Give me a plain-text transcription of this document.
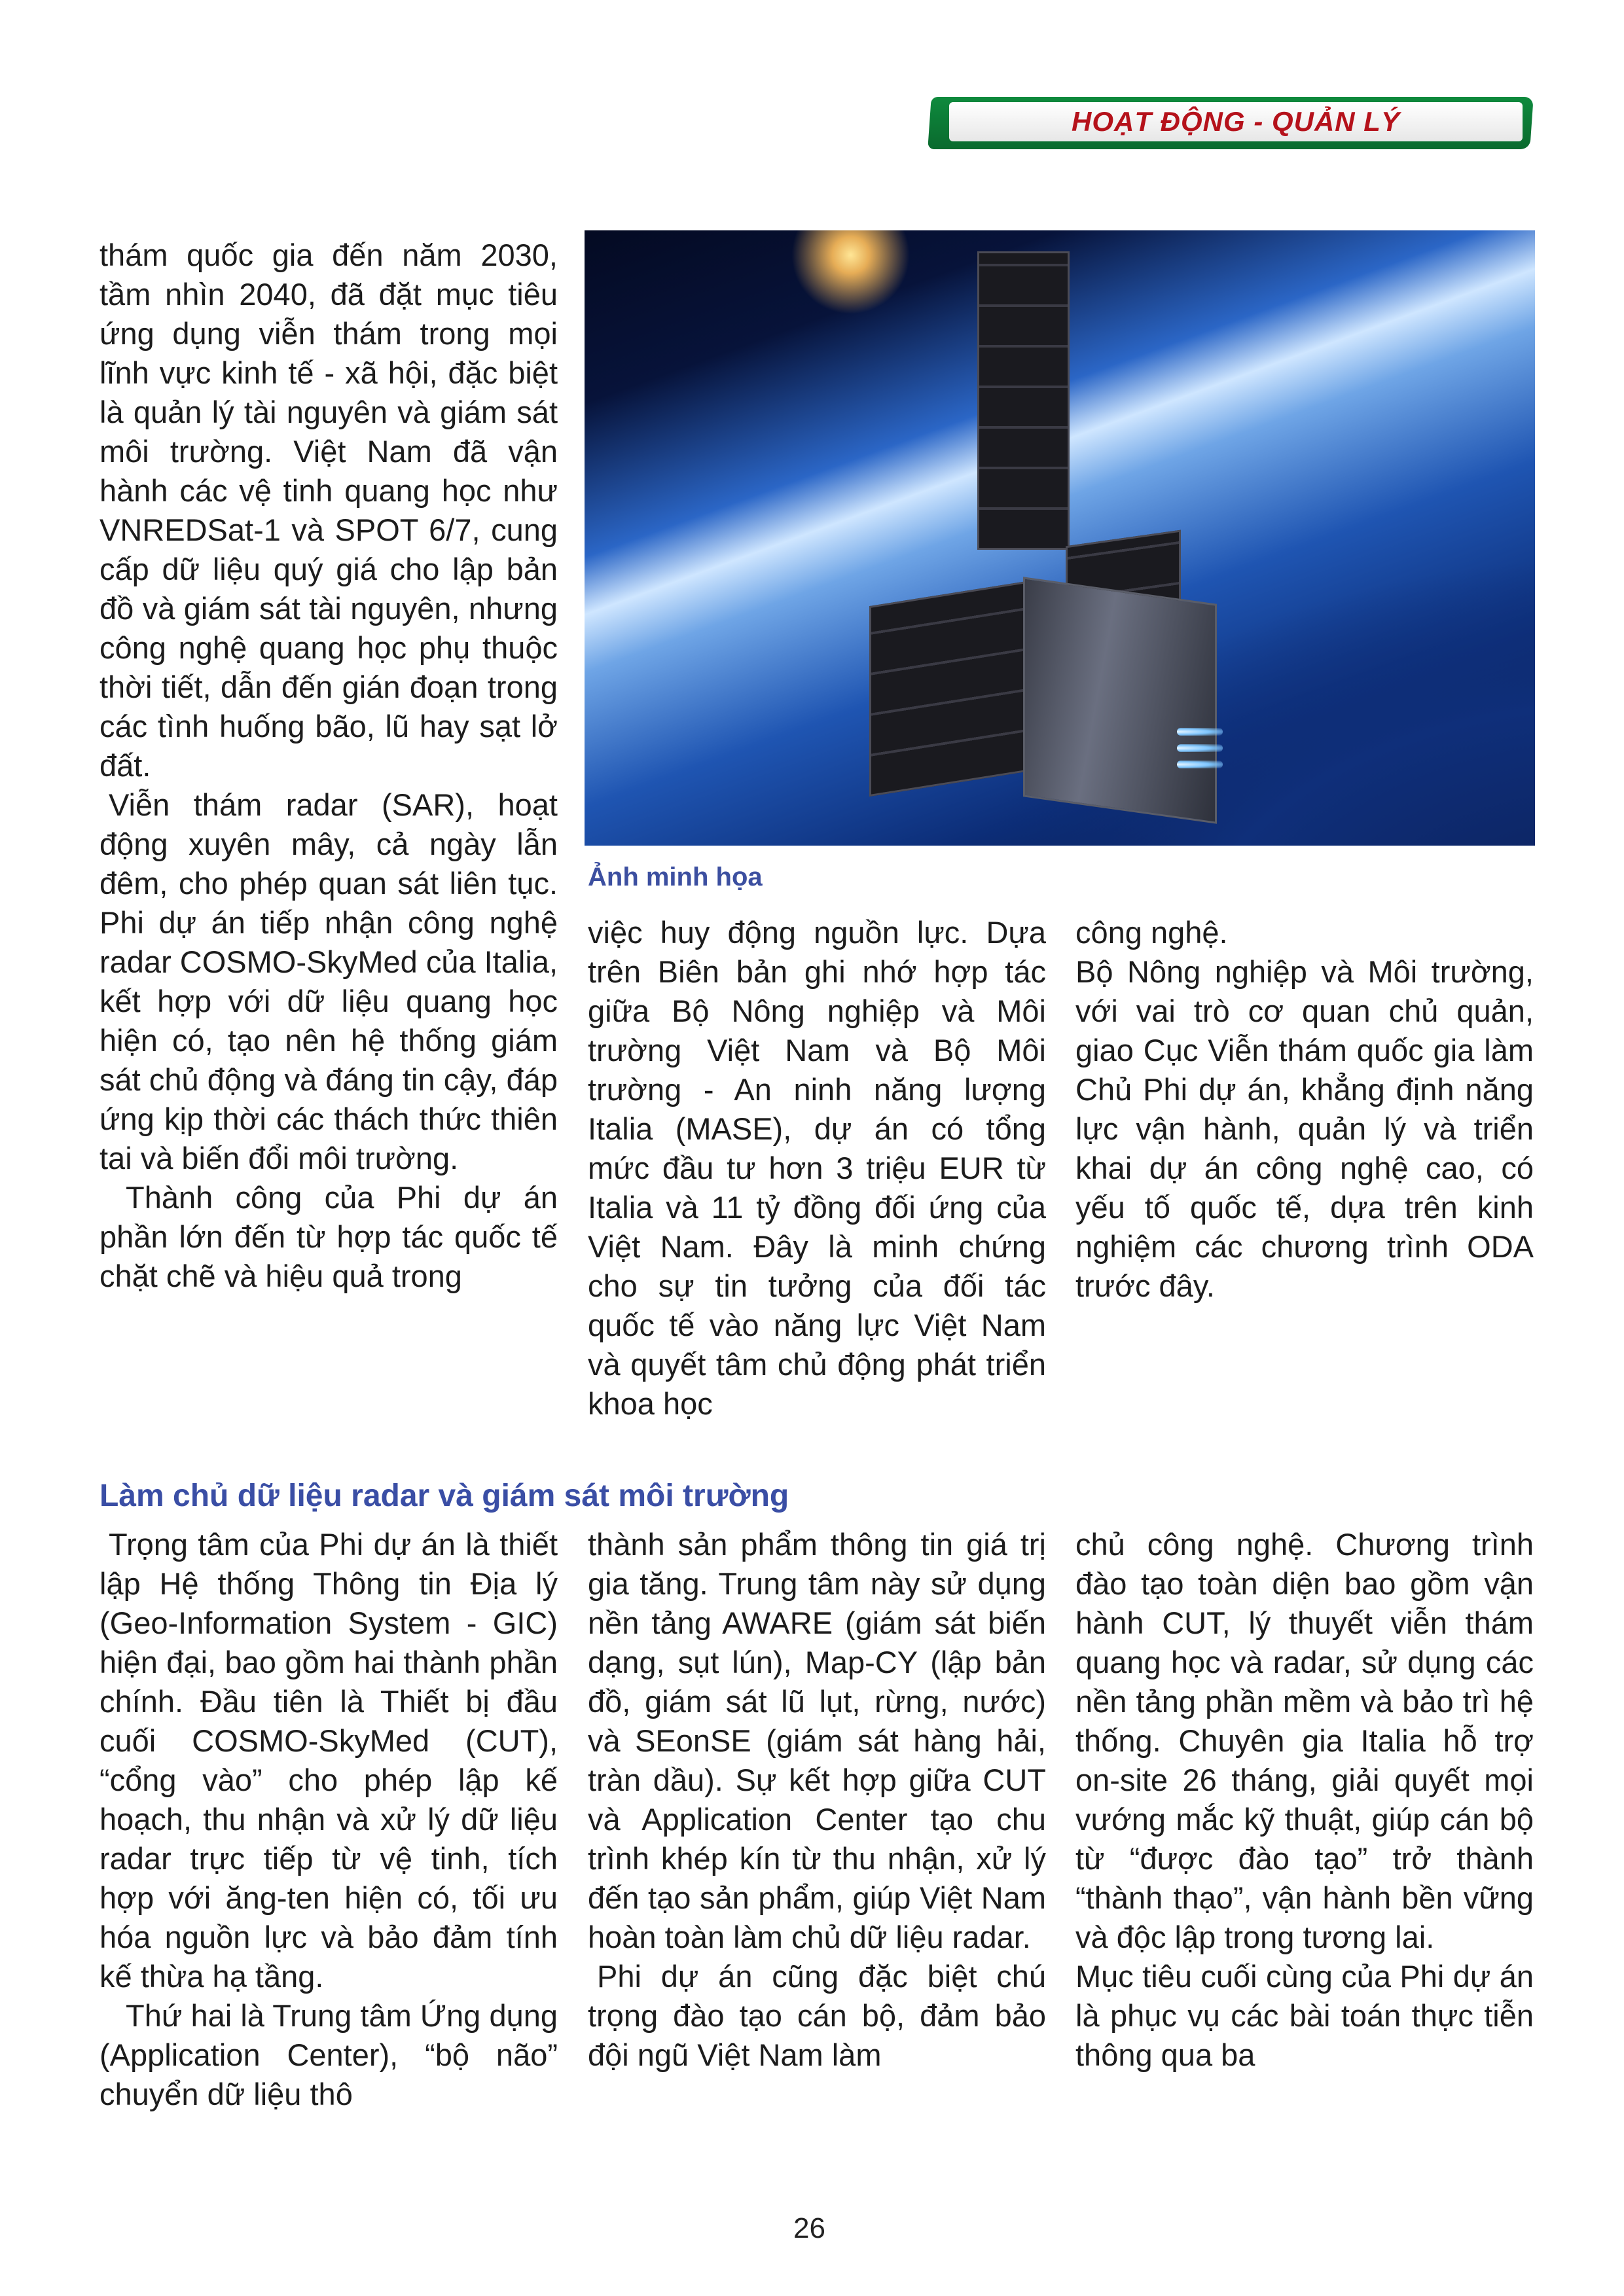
HOẠT ĐỘNG - QUẢN LÝ

thám quốc gia đến năm 2030, tầm nhìn 2040, đã đặt mục tiêu ứng dụng viễn thám trong mọi lĩnh vực kinh tế - xã hội, đặc biệt là quản lý tài nguyên và giám sát môi trường. Việt Nam đã vận hành các vệ tinh quang học như VNREDSat-1 và SPOT 6/7, cung cấp dữ liệu quý giá cho lập bản đồ và giám sát tài nguyên, nhưng công nghệ quang học phụ thuộc thời tiết, dẫn đến gián đoạn trong các tình huống bão, lũ hay sạt lở đất.

Viễn thám radar (SAR), hoạt động xuyên mây, cả ngày lẫn đêm, cho phép quan sát liên tục. Phi dự án tiếp nhận công nghệ radar COSMO-SkyMed của Italia, kết hợp với dữ liệu quang học hiện có, tạo nên hệ thống giám sát chủ động và đáng tin cậy, đáp ứng kịp thời các thách thức thiên tai và biến đổi môi trường.

Thành công của Phi dự án phần lớn đến từ hợp tác quốc tế chặt chẽ và hiệu quả trong

Ảnh minh họa

việc huy động nguồn lực. Dựa trên Biên bản ghi nhớ hợp tác giữa Bộ Nông nghiệp và Môi trường Việt Nam và Bộ Môi trường - An ninh năng lượng Italia (MASE), dự án có tổng mức đầu tư hơn 3 triệu EUR từ Italia và 11 tỷ đồng đối ứng của Việt Nam. Đây là minh chứng cho sự tin tưởng của đối tác quốc tế vào năng lực Việt Nam và quyết tâm chủ động phát triển khoa học

công nghệ.

Bộ Nông nghiệp và Môi trường, với vai trò cơ quan chủ quản, giao Cục Viễn thám quốc gia làm Chủ Phi dự án, khẳng định năng lực vận hành, quản lý và triển khai dự án công nghệ cao, có yếu tố quốc tế, dựa trên kinh nghiệm các chương trình ODA trước đây.

Làm chủ dữ liệu radar và giám sát môi trường

Trọng tâm của Phi dự án là thiết lập Hệ thống Thông tin Địa lý (Geo-Information System - GIC) hiện đại, bao gồm hai thành phần chính. Đầu tiên là Thiết bị đầu cuối COSMO-SkyMed (CUT), “cổng vào” cho phép lập kế hoạch, thu nhận và xử lý dữ liệu radar trực tiếp từ vệ tinh, tích hợp với ăng-ten hiện có, tối ưu hóa nguồn lực và bảo đảm tính kế thừa hạ tầng.

Thứ hai là Trung tâm Ứng dụng (Application Center), “bộ não” chuyển dữ liệu thô

thành sản phẩm thông tin giá trị gia tăng. Trung tâm này sử dụng nền tảng AWARE (giám sát biến dạng, sụt lún), Map-CY (lập bản đồ, giám sát lũ lụt, rừng, nước) và SEonSE (giám sát hàng hải, tràn dầu). Sự kết hợp giữa CUT và Application Center tạo chu trình khép kín từ thu nhận, xử lý đến tạo sản phẩm, giúp Việt Nam hoàn toàn làm chủ dữ liệu radar.

Phi dự án cũng đặc biệt chú trọng đào tạo cán bộ, đảm bảo đội ngũ Việt Nam làm

chủ công nghệ. Chương trình đào tạo toàn diện bao gồm vận hành CUT, lý thuyết viễn thám quang học và radar, sử dụng các nền tảng phần mềm và bảo trì hệ thống. Chuyên gia Italia hỗ trợ on-site 26 tháng, giải quyết mọi vướng mắc kỹ thuật, giúp cán bộ từ “được đào tạo” trở thành “thành thạo”, vận hành bền vững và độc lập trong tương lai.

Mục tiêu cuối cùng của Phi dự án là phục vụ các bài toán thực tiễn thông qua ba

26
